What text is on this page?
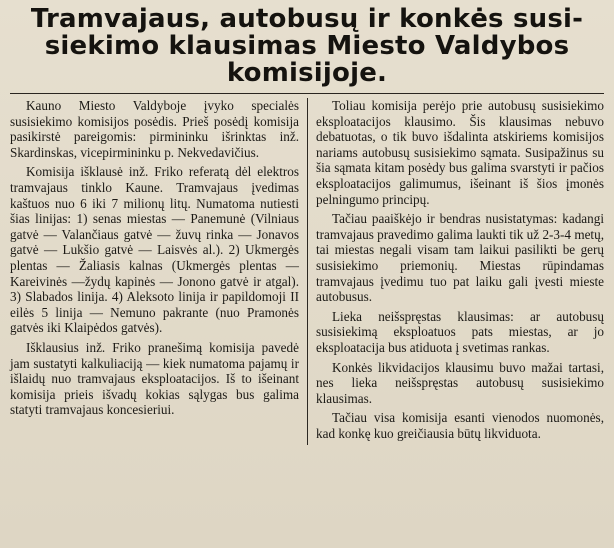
Tramvajaus, autobusų ir konkės susi-
siekimo klausimas Miesto Valdybos
komisijoje.

Kauno Miesto Valdyboje įvyko specialės susisiekimo komisijos posėdis. Prieš posėdį komisija pasikirstė pareigomis: pirmininku išrinktas inž. Skardinskas, vicepirmininku p. Nekvedavičius.

Komisija išklausė inž. Friko referatą dėl elektros tramvajaus tinklo Kaune. Tramvajaus įvedimas kaštuos nuo 6 iki 7 milionų litų. Numatoma nutiesti šias linijas: 1) senas miestas — Panemunė (Vilniaus gatvė — Valančiaus gatvė — žuvų rinka — Jonavos gatvė — Lukšio gatvė — Laisvės al.). 2) Ukmergės plentas — Žaliasis kalnas (Ukmergės plentas — Kareivinės —žydų kapinės — Jonono gatvė ir atgal). 3) Slabados linija. 4) Aleksoto linija ir papildomoji II eilės 5 linija — Nemuno pakrante (nuo Pramonės gatvės iki Klaipėdos gatvės).

Išklausius inž. Friko pranešimą komisija pavedė jam sustatyti kalkuliaciją — kiek numatoma pajamų ir išlaidų nuo tramvajaus eksploatacijos. Iš to išeinant komisija prieis išvadų kokias sąlygas bus galima statyti tramvajaus koncesieriui.

Toliau komisija perėjo prie autobusų susisiekimo eksploatacijos klausimo. Šis klausimas nebuvo debatuotas, o tik buvo išdalinta atskiriems komisijos nariams autobusų susisiekimo sąmata. Susipažinus su šia sąmata kitam posėdy bus galima svarstyti ir pačios eksploatacijos galimumus, išeinant iš šios įmonės pelningumo principų.

Tačiau paaiškėjo ir bendras nusistatymas: kadangi tramvajaus pravedimo galima laukti tik už 2-3-4 metų, tai miestas negali visam tam laikui pasilikti be gerų susisiekimo priemonių. Miestas rūpindamas tramvajaus įvedimu tuo pat laiku gali įvesti mieste autobusus.

Lieka neišspręstas klausimas: ar autobusų susisiekimą eksploatuos pats miestas, ar jo eksploatacija bus atiduota į svetimas rankas.

Konkės likvidacijos klausimu buvo mažai tartasi, nes lieka neišspręstas autobusų susisiekimo klausimas.

Tačiau visa komisija esanti vienodos nuomonės, kad konkę kuo greičiausia būtų likviduota.
